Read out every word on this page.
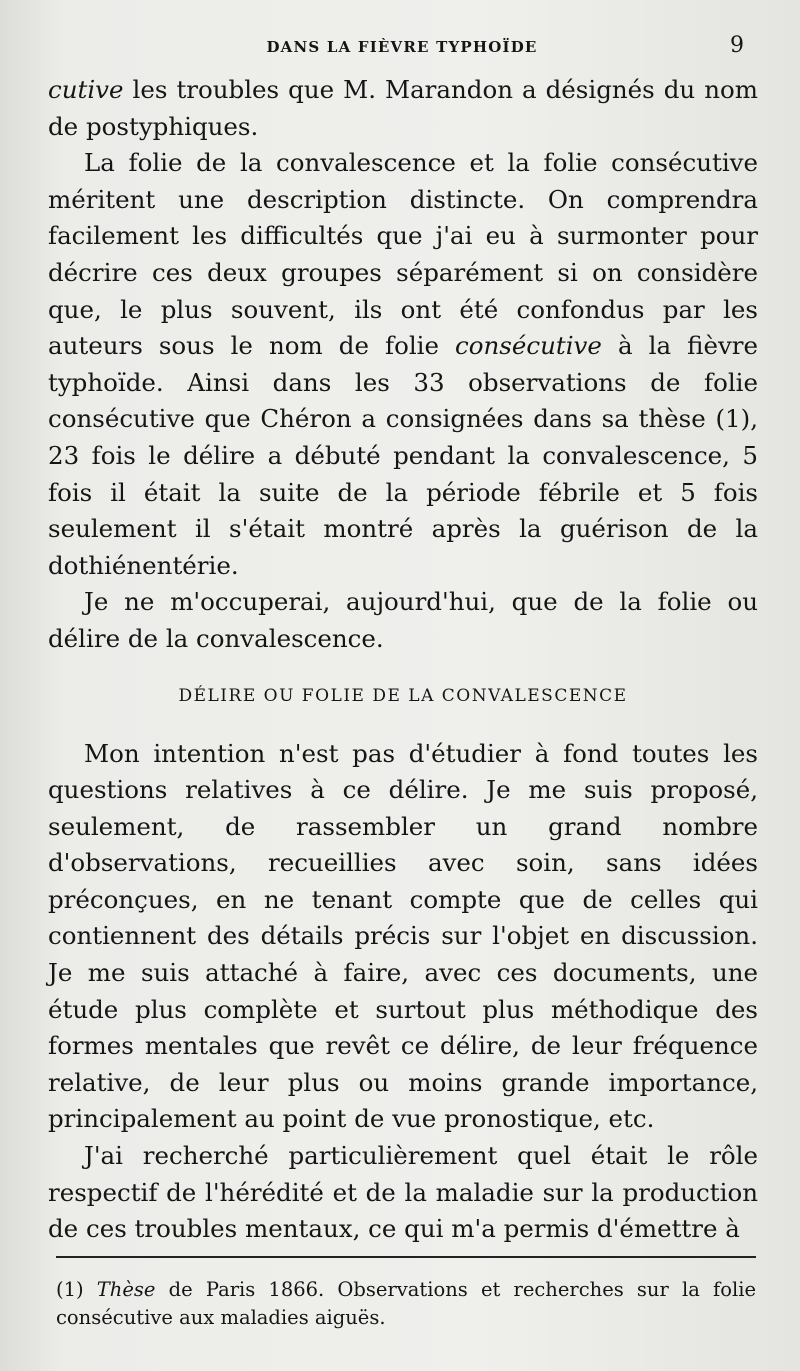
DANS LA FIÈVRE TYPHOÏDE	9

cutive les troubles que M. Marandon a désignés du nom de postyphiques.

La folie de la convalescence et la folie consécutive méritent une description distincte. On comprendra facilement les difficultés que j'ai eu à surmonter pour décrire ces deux groupes séparément si on considère que, le plus souvent, ils ont été confondus par les auteurs sous le nom de folie consécutive à la fièvre typhoïde. Ainsi dans les 33 observations de folie consécutive que Chéron a consignées dans sa thèse (1), 23 fois le délire a débuté pendant la convalescence, 5 fois il était la suite de la période fébrile et 5 fois seulement il s'était montré après la guérison de la dothiénentérie.

Je ne m'occuperai, aujourd'hui, que de la folie ou délire de la convalescence.

DÉLIRE OU FOLIE DE LA CONVALESCENCE

Mon intention n'est pas d'étudier à fond toutes les questions relatives à ce délire. Je me suis proposé, seulement, de rassembler un grand nombre d'observations, recueillies avec soin, sans idées préconçues, en ne tenant compte que de celles qui contiennent des détails précis sur l'objet en discussion. Je me suis attaché à faire, avec ces documents, une étude plus complète et surtout plus méthodique des formes mentales que revêt ce délire, de leur fréquence relative, de leur plus ou moins grande importance, principalement au point de vue pronostique, etc.

J'ai recherché particulièrement quel était le rôle respectif de l'hérédité et de la maladie sur la production de ces troubles mentaux, ce qui m'a permis d'émettre à

(1) Thèse de Paris 1866. Observations et recherches sur la folie consécutive aux maladies aiguës.
